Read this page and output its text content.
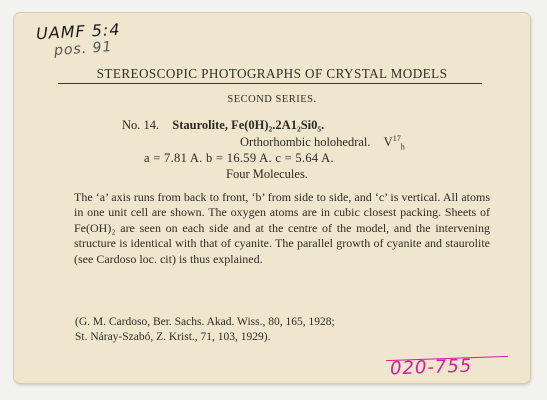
UAMF 5:4
pos. 91
STEREOSCOPIC PHOTOGRAPHS OF CRYSTAL MODELS
SECOND SERIES.
No. 14. Staurolite, Fe(0H)₂.2A1₂Si0₅.
Orthorhombic holohedral. $V^{17}_h$
a = 7.81 A. b = 16.59 A. c = 5.64 A.
Four Molecules.
The ‘a’ axis runs from back to front, ‘b’ from side to side, and ‘c’ is vertical. All atoms in one unit cell are shown. The oxygen atoms are in cubic closest packing. Sheets of Fe(OH)₂ are seen on each side and at the centre of the model, and the intervening structure is identical with that of cyanite. The parallel growth of cyanite and staurolite (see Cardoso loc. cit) is thus explained.
(G. M. Cardoso, Ber. Sachs. Akad. Wiss., 80, 165, 1928;
St. Náray-Szabó, Z. Krist., 71, 103, 1929).
020-755
